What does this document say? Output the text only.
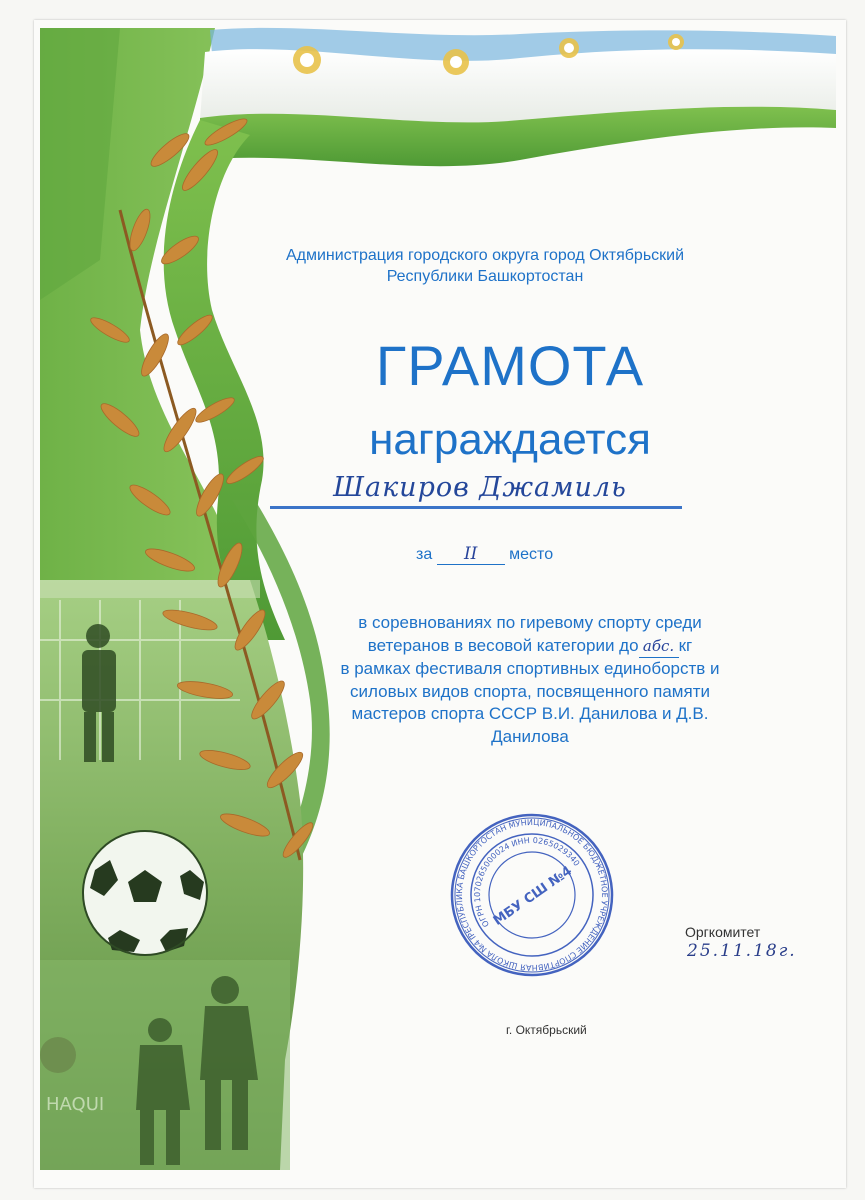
HAQUI
Администрация городского округа город Октябрьский
Республики Башкортостан
ГРАМОТА
награждается
Шакиров Джамиль
за II место
в соревнованиях по гиревому спорту среди
ветеранов в весовой категории до абс. кг
в рамках фестиваля спортивных единоборств и
силовых видов спорта, посвященного памяти
мастеров спорта СССР В.И. Данилова и Д.В.
Данилова
РЕСПУБЛИКА БАШКОРТОСТАН МУНИЦИПАЛЬНОЕ БЮДЖЕТНОЕ УЧРЕЖДЕНИЕ СПОРТИВНАЯ ШКОЛА №4 ГОРОДСКОГО
ОГРН 1070265000024 ИНН 0265029340
МБУ СШ №4
Оргкомитет
25.11.18г.
г. Октябрьский
